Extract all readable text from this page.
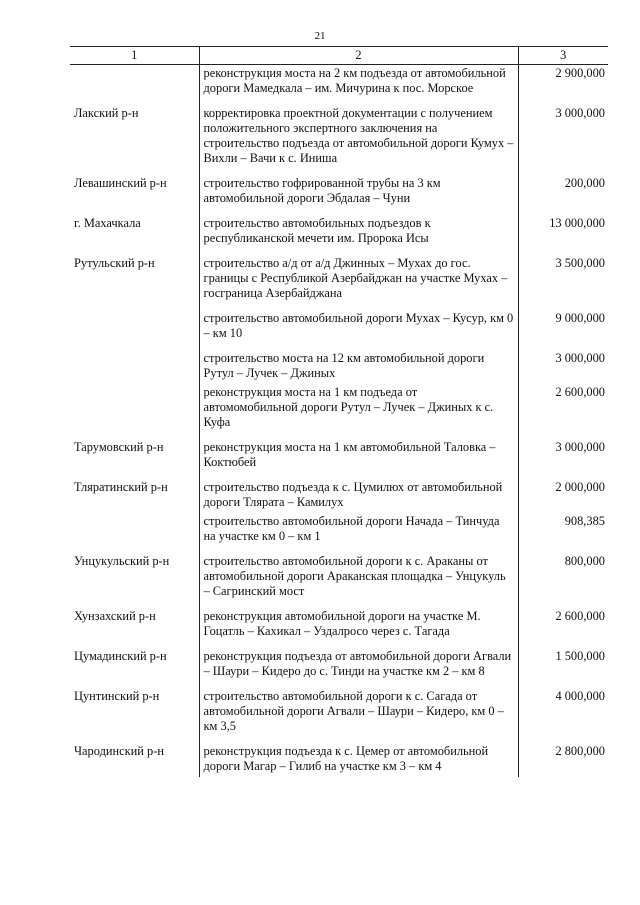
21
1	2	3
	реконструкция моста на 2 км подъезда от автомобильной дороги Мамедкала – им. Мичурина к пос. Морское	2 900,000
Лакский р-н	корректировка проектной документации с получением положительного экспертного заключения на строительство подъезда от автомобильной дороги Кумух – Вихли – Вачи к с. Иниша	3 000,000
Левашинский р-н	строительство гофрированной трубы на 3 км автомобильной дороги Эбдалая – Чуни	200,000
г. Махачкала	строительство автомобильных подъездов к республиканской мечети им. Пророка Исы	13 000,000
Рутульский р-н	строительство а/д от а/д Джинных – Мухах до гос. границы с Республикой Азербайджан на участке Мухах – госграница Азербайджана	3 500,000
	строительство автомобильной дороги Мухах – Кусур, км 0 – км 10	9 000,000
	строительство моста на 12 км автомобильной дороги Рутул – Лучек – Джиных	3 000,000
	реконструкция моста на 1 км подъеда от автомомобильной дороги Рутул – Лучек – Джиных к с. Куфа	2 600,000
Тарумовский р-н	реконструкция моста на 1 км автомобильной Таловка – Коктюбей	3 000,000
Тляратинский р-н	строительство подъезда к с. Цумилюх от автомобильной дороги Тлярата – Камилух	2 000,000
	строительство автомобильной дороги Начада – Тинчуда на участке км 0 – км 1	908,385
Унцукульский р-н	строительство автомобильной дороги к с. Араканы от автомобильной дороги Араканская площадка – Унцукуль – Сагринский мост	800,000
Хунзахский р-н	реконструкция автомобильной дороги на участке М. Гоцатль – Кахикал – Уздалросо через с. Тагада	2 600,000
Цумадинский р-н	реконструкция подъезда от автомобильной дороги Агвали – Шаури – Кидеро до с. Тинди на участке км 2 – км 8	1 500,000
Цунтинский р-н	строительство автомобильной дороги к с. Сагада от автомобильной дороги Агвали – Шаури – Кидеро, км 0 – км 3,5	4 000,000
Чародинский р-н	реконструкция подъезда к с. Цемер от автомобильной дороги Магар – Гилиб на участке км 3 – км 4	2 800,000
